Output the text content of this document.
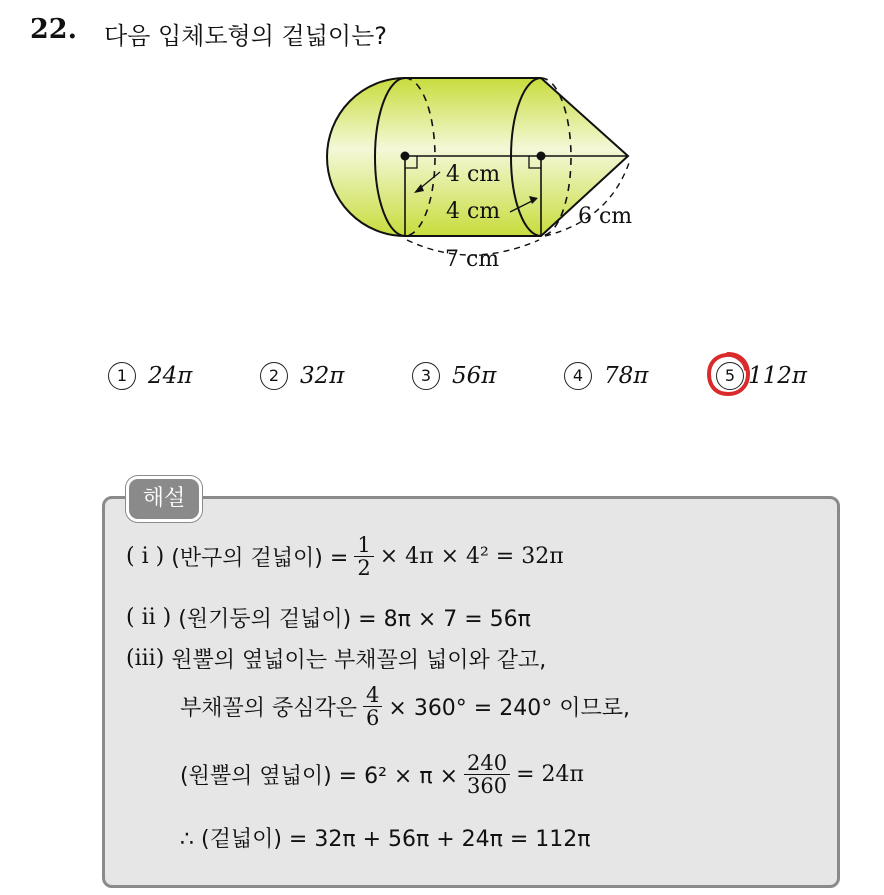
22. 다음 입체도형의 겉넓이는?
4 cm
4 cm
7 cm
6 cm
1 24π	2 32π	3 56π	4 78π	5 112π
해설
( i )
(반구의 겉넓이) = $\frac{1}{2} \times 4\pi \times 4^2 = 32\pi$
( ii )
(원기둥의 겉넓이) = 8π × 7 = 56π
(iii)
원뿔의 옆넓이는 부채꼴의 넓이와 같고,
부채꼴의 중심각은 $\frac{4}{6} \times 360^\circ = 240^\circ$ 이므로,
(원뿔의 옆넓이) = $6^2 \times \pi \times \frac{240}{360} = 24\pi$
∴ (겉넓이) = 32π + 56π + 24π = 112π
